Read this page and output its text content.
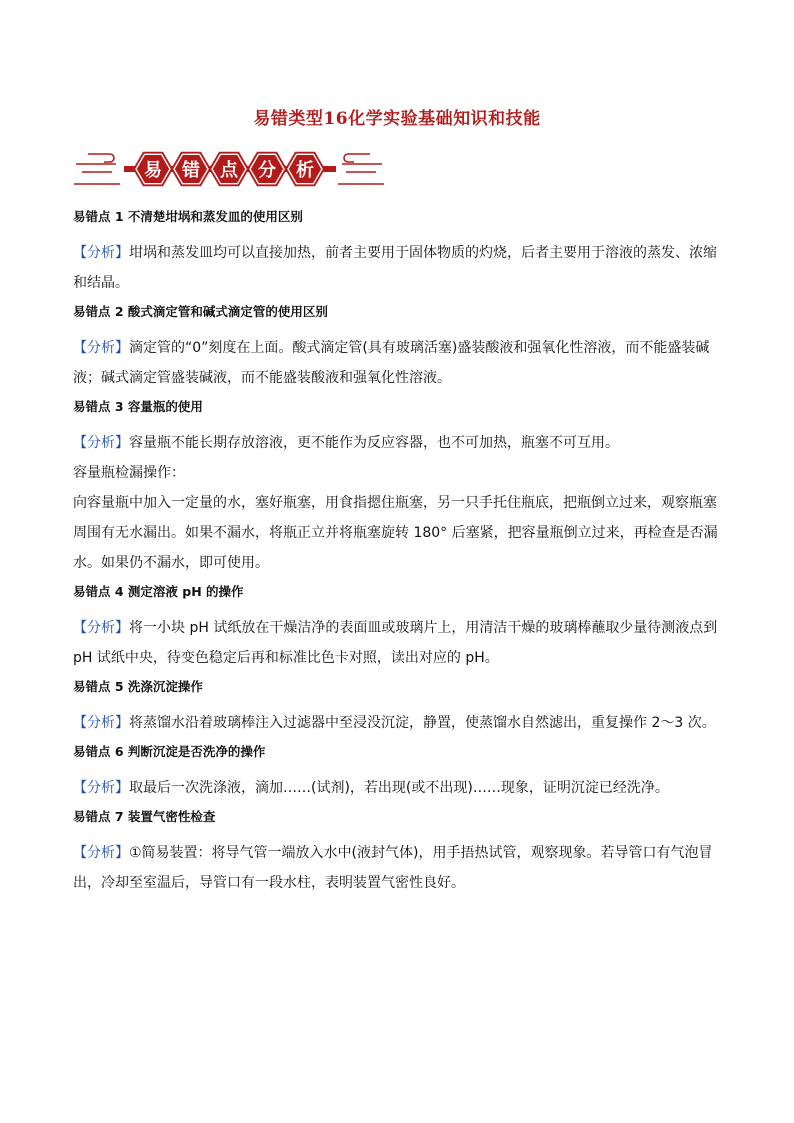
易错类型16化学实验基础知识和技能
易 错 点 分 析
易错点 1 不清楚坩埚和蒸发皿的使用区别
【分析】坩埚和蒸发皿均可以直接加热，前者主要用于固体物质的灼烧，后者主要用于溶液的蒸发、浓缩和结晶。
易错点 2 酸式滴定管和碱式滴定管的使用区别
【分析】滴定管的“0”刻度在上面。酸式滴定管(具有玻璃活塞)盛装酸液和强氧化性溶液，而不能盛装碱液；碱式滴定管盛装碱液，而不能盛装酸液和强氧化性溶液。
易错点 3 容量瓶的使用
【分析】容量瓶不能长期存放溶液，更不能作为反应容器，也不可加热，瓶塞不可互用。
容量瓶检漏操作：
向容量瓶中加入一定量的水，塞好瓶塞，用食指摁住瓶塞，另一只手托住瓶底，把瓶倒立过来，观察瓶塞周围有无水漏出。如果不漏水，将瓶正立并将瓶塞旋转 180° 后塞紧，把容量瓶倒立过来，再检查是否漏水。如果仍不漏水，即可使用。
易错点 4 测定溶液 pH 的操作
【分析】将一小块 pH 试纸放在干燥洁净的表面皿或玻璃片上，用清洁干燥的玻璃棒蘸取少量待测液点到 pH 试纸中央，待变色稳定后再和标准比色卡对照，读出对应的 pH。
易错点 5 洗涤沉淀操作
【分析】将蒸馏水沿着玻璃棒注入过滤器中至浸没沉淀，静置，使蒸馏水自然滤出，重复操作 2～3 次。
易错点 6 判断沉淀是否洗净的操作
【分析】取最后一次洗涤液，滴加……(试剂)，若出现(或不出现)……现象，证明沉淀已经洗净。
易错点 7 装置气密性检查
【分析】①简易装置：将导气管一端放入水中(液封气体)，用手捂热试管，观察现象。若导管口有气泡冒出，冷却至室温后，导管口有一段水柱，表明装置气密性良好。
